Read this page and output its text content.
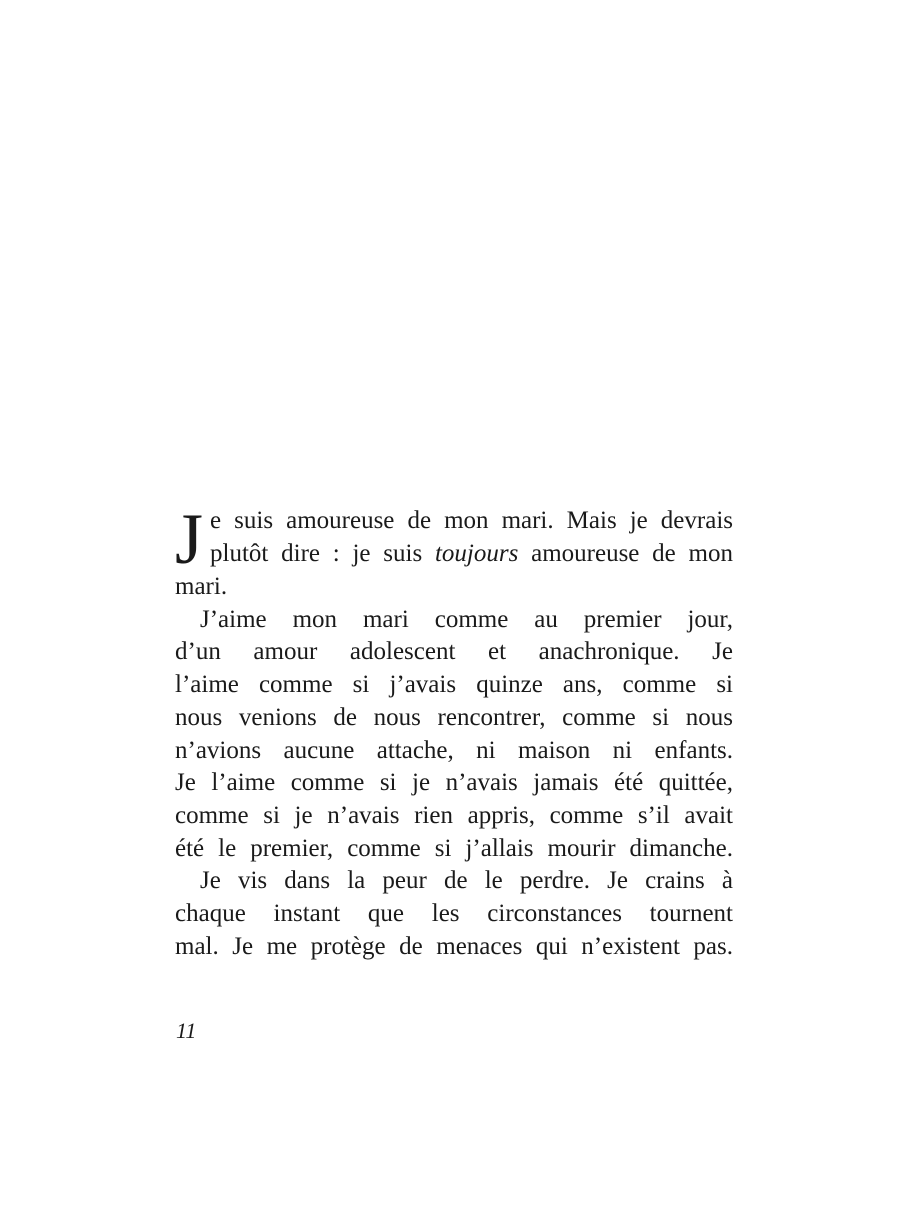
J e suis amoureuse de mon mari. Mais je devrais
plutôt dire : je suis toujours amoureuse de mon
mari.

J’aime mon mari comme au premier jour,
d’un amour adolescent et anachronique. Je
l’aime comme si j’avais quinze ans, comme si
nous venions de nous rencontrer, comme si nous
n’avions aucune attache, ni maison ni enfants.
Je l’aime comme si je n’avais jamais été quittée,
comme si je n’avais rien appris, comme s’il avait
été le premier, comme si j’allais mourir dimanche.

Je vis dans la peur de le perdre. Je crains à
chaque instant que les circonstances tournent
mal. Je me protège de menaces qui n’existent pas.

11
